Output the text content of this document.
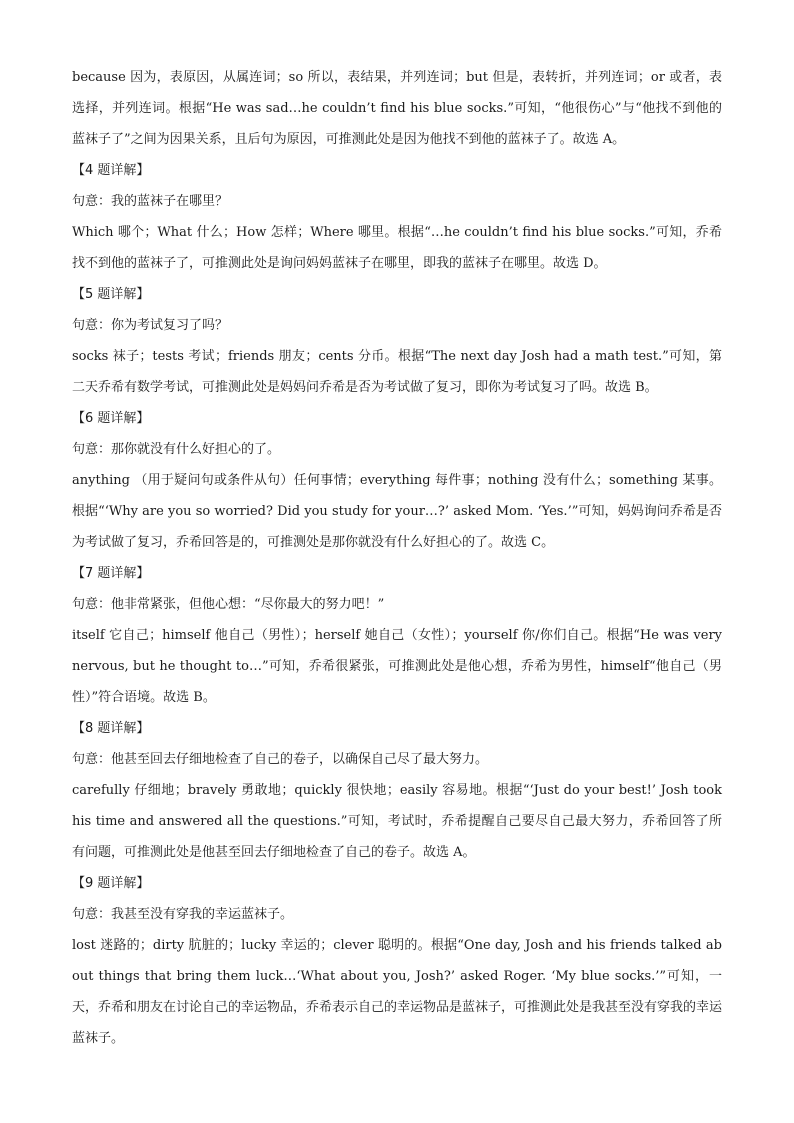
because 因为，表原因，从属连词；so 所以，表结果，并列连词；but 但是，表转折，并列连词；or 或者，表选择，并列连词。根据“He was sad…he couldn’t find his blue socks.”可知，“他很伤心”与“他找不到他的蓝袜子了”之间为因果关系，且后句为原因，可推测此处是因为他找不到他的蓝袜子了。故选 A。

【4 题详解】

句意：我的蓝袜子在哪里？

Which 哪个；What 什么；How 怎样；Where 哪里。根据“…he couldn’t find his blue socks.”可知，乔希找不到他的蓝袜子了，可推测此处是询问妈妈蓝袜子在哪里，即我的蓝袜子在哪里。故选 D。

【5 题详解】

句意：你为考试复习了吗？

socks 袜子；tests 考试；friends 朋友；cents 分币。根据“The next day Josh had a math test.”可知，第二天乔希有数学考试，可推测此处是妈妈问乔希是否为考试做了复习，即你为考试复习了吗。故选 B。

【6 题详解】

句意：那你就没有什么好担心的了。

anything （用于疑问句或条件从句）任何事情；everything 每件事；nothing 没有什么；something 某事。根据“‘Why are you so worried? Did you study for your…?’ asked Mom. ‘Yes.’”可知，妈妈询问乔希是否为考试做了复习，乔希回答是的，可推测处是那你就没有什么好担心的了。故选 C。

【7 题详解】

句意：他非常紧张，但他心想：“尽你最大的努力吧！”

itself 它自己；himself 他自己（男性）；herself 她自己（女性）；yourself 你/你们自己。根据“He was very nervous, but he thought to…”可知，乔希很紧张，可推测此处是他心想，乔希为男性，himself“他自己（男性）”符合语境。故选 B。

【8 题详解】

句意：他甚至回去仔细地检查了自己的卷子，以确保自己尽了最大努力。

carefully 仔细地；bravely 勇敢地；quickly 很快地；easily 容易地。根据“‘Just do your best!’ Josh took his time and answered all the questions.”可知，考试时，乔希提醒自己要尽自己最大努力，乔希回答了所有问题，可推测此处是他甚至回去仔细地检查了自己的卷子。故选 A。

【9 题详解】

句意：我甚至没有穿我的幸运蓝袜子。

lost 迷路的；dirty 肮脏的；lucky 幸运的；clever 聪明的。根据“One day, Josh and his friends talked about things that bring them luck…‘What about you, Josh?’ asked Roger. ‘My blue socks.’”可知，一天，乔希和朋友在讨论自己的幸运物品，乔希表示自己的幸运物品是蓝袜子，可推测此处是我甚至没有穿我的幸运蓝袜子。
